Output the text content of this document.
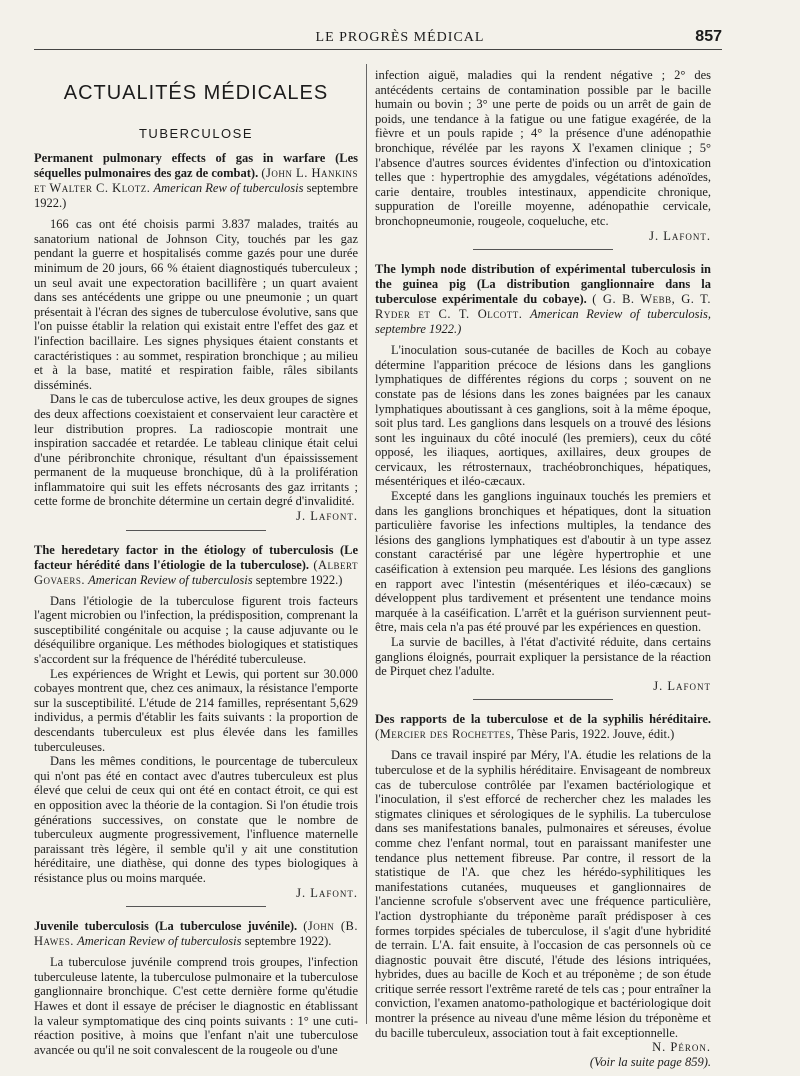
LE PROGRÈS MÉDICAL	857
ACTUALITÉS MÉDICALES
TUBERCULOSE

Permanent pulmonary effects of gas in warfare (Les séquelles pulmonaires des gaz de combat). (John L. Hankins et Walter C. Klotz. American Rew of tuberculosis septembre 1922.)

166 cas ont été choisis parmi 3.837 malades, traités au sanatorium national de Johnson City, touchés par les gaz pendant la guerre et hospitalisés comme gazés pour une durée minimum de 20 jours, 66 % étaient diagnostiqués tuberculeux ; un seul avait une expectoration bacillifère ; un quart avaient dans ses antécédents une grippe ou une pneumonie ; un quart présentait à l'écran des signes de tuberculose évolutive, sans que l'on puisse établir la relation qui existait entre l'effet des gaz et l'infection bacillaire. Les signes physiques étaient constants et caractéristiques : au sommet, respiration bronchique ; au milieu et à la base, matité et respiration faible, râles sibilants disséminés.

Dans le cas de tuberculose active, les deux groupes de signes des deux affections coexistaient et conservaient leur caractère et leur distribution propres. La radioscopie montrait une inspiration saccadée et retardée. Le tableau clinique était celui d'une péribronchite chronique, résultant d'un épaississement permanent de la muqueuse bronchique, dû à la prolifération inflammatoire qui suit les effets nécrosants des gaz irritants ; cette forme de bronchite détermine un certain degré d'invalidité.

J. Lafont.

The heredetary factor in the étiology of tuberculosis (Le facteur hérédité dans l'étiologie de la tuberculose). (Albert Govaers. American Review of tuberculosis septembre 1922.)

Dans l'étiologie de la tuberculose figurent trois facteurs l'agent microbien ou l'infection, la prédisposition, comprenant la susceptibilité congénitale ou acquise ; la cause adjuvante ou le déséquilibre organique. Les méthodes biologiques et statistiques s'accordent sur la fréquence de l'hérédité tuberculeuse.

Les expériences de Wright et Lewis, qui portent sur 30.000 cobayes montrent que, chez ces animaux, la résistance l'emporte sur la susceptibilité. L'étude de 214 familles, représentant 5,629 individus, a permis d'établir les faits suivants : la proportion de descendants tuberculeux est plus élevée dans les familles tuberculeuses.

Dans les mêmes conditions, le pourcentage de tuberculeux qui n'ont pas été en contact avec d'autres tuberculeux est plus élevé que celui de ceux qui ont été en contact étroit, ce qui est en opposition avec la théorie de la contagion. Si l'on étudie trois générations successives, on constate que le nombre de tuberculeux augmente progressivement, l'influence maternelle paraissant très légère, il semble qu'il y ait une constitution héréditaire, une diathèse, qui donne des types biologiques à résistance plus ou moins marquée.

J. Lafont.

Juvenile tuberculosis (La tuberculose juvénile). (John (B. Hawes. American Review of tuberculosis septembre 1922).

La tuberculose juvénile comprend trois groupes, l'infection tuberculeuse latente, la tuberculose pulmonaire et la tuberculose ganglionnaire bronchique. C'est cette dernière forme qu'étudie Hawes et dont il essaye de préciser le diagnostic en établissant la valeur symptomatique des cinq points suivants : 1° une cuti-réaction positive, à moins que l'enfant n'ait une tuberculose avancée ou qu'il ne soit convalescent de la rougeole ou d'une

infection aiguë, maladies qui la rendent négative ; 2° des antécédents certains de contamination possible par le bacille humain ou bovin ; 3° une perte de poids ou un arrêt de gain de poids, une tendance à la fatigue ou une fatigue exagérée, de la fièvre et un pouls rapide ; 4° la présence d'une adénopathie bronchique, révélée par les rayons X l'examen clinique ; 5° l'absence d'autres sources évidentes d'infection ou d'intoxication telles que : hypertrophie des amygdales, végétations adénoïdes, carie dentaire, troubles intestinaux, appendicite chronique, suppuration de l'oreille moyenne, adénopathie cervicale, bronchopneumonie, rougeole, coqueluche, etc.

J. Lafont.

The lymph node distribution of expérimental tuberculosis in the guinea pig (La distribution ganglionnaire dans la tuberculose expérimentale du cobaye). ( G. B. Webb, G. T. Ryder et C. T. Olcott. American Review of tuberculosis, septembre 1922.)

L'inoculation sous-cutanée de bacilles de Koch au cobaye détermine l'apparition précoce de lésions dans les ganglions lymphatiques de différentes régions du corps ; souvent on ne constate pas de lésions dans les zones baignées par les canaux lymphatiques aboutissant à ces ganglions, soit à la même époque, soit plus tard. Les ganglions dans lesquels on a trouvé des lésions sont les inguinaux du côté inoculé (les premiers), ceux du côté opposé, les iliaques, aortiques, axillaires, deux groupes de cervicaux, les rétrosternaux, trachéobronchiques, hépatiques, mésentériques et iléo-cæcaux.

Excepté dans les ganglions inguinaux touchés les premiers et dans les ganglions bronchiques et hépatiques, dont la situation particulière favorise les infections multiples, la tendance des lésions des ganglions lymphatiques est d'aboutir à un type assez constant caractérisé par une légère hypertrophie et une caséification à extension peu marquée. Les lésions des ganglions en rapport avec l'intestin (mésentériques et iléo-cæcaux) se développent plus tardivement et présentent une tendance moins marquée à la caséification. L'arrêt et la guérison surviennent peut-être, mais cela n'a pas été prouvé par les expériences en question.

La survie de bacilles, à l'état d'activité réduite, dans certains ganglions éloignés, pourrait expliquer la persistance de la réaction de Pirquet chez l'adulte.

J. Lafont

Des rapports de la tuberculose et de la syphilis héréditaire. (Mercier des Rochettes, Thèse Paris, 1922. Jouve, édit.)

Dans ce travail inspiré par Méry, l'A. étudie les relations de la tuberculose et de la syphilis héréditaire. Envisageant de nombreux cas de tuberculose contrôlée par l'examen bactériologique et l'inoculation, il s'est efforcé de rechercher chez les malades les stigmates cliniques et sérologiques de le syphilis. La tuberculose dans ses manifestations banales, pulmonaires et séreuses, évolue comme chez l'enfant normal, tout en paraissant manifester une tendance plus nettement fibreuse. Par contre, il ressort de la statistique de l'A. que chez les hérédo-syphilitiques les manifestations cutanées, muqueuses et ganglionnaires de l'ancienne scrofule s'observent avec une fréquence particulière, l'action dystrophiante du tréponème paraît prédisposer à ces formes torpides spéciales de tuberculose, il s'agit d'une hybridité de terrain. L'A. fait ensuite, à l'occasion de cas personnels où ce diagnostic pouvait être discuté, l'étude des lésions intriquées, hybrides, dues au bacille de Koch et au tréponème ; de son étude critique serrée ressort l'extrême rareté de tels cas ; pour entraîner la conviction, l'examen anatomo-pathologique et bactériologique doit montrer la présence au niveau d'une même lésion du tréponème et du bacille tuberculeux, association tout à fait exceptionnelle.

N. Péron.

(Voir la suite page 859).
